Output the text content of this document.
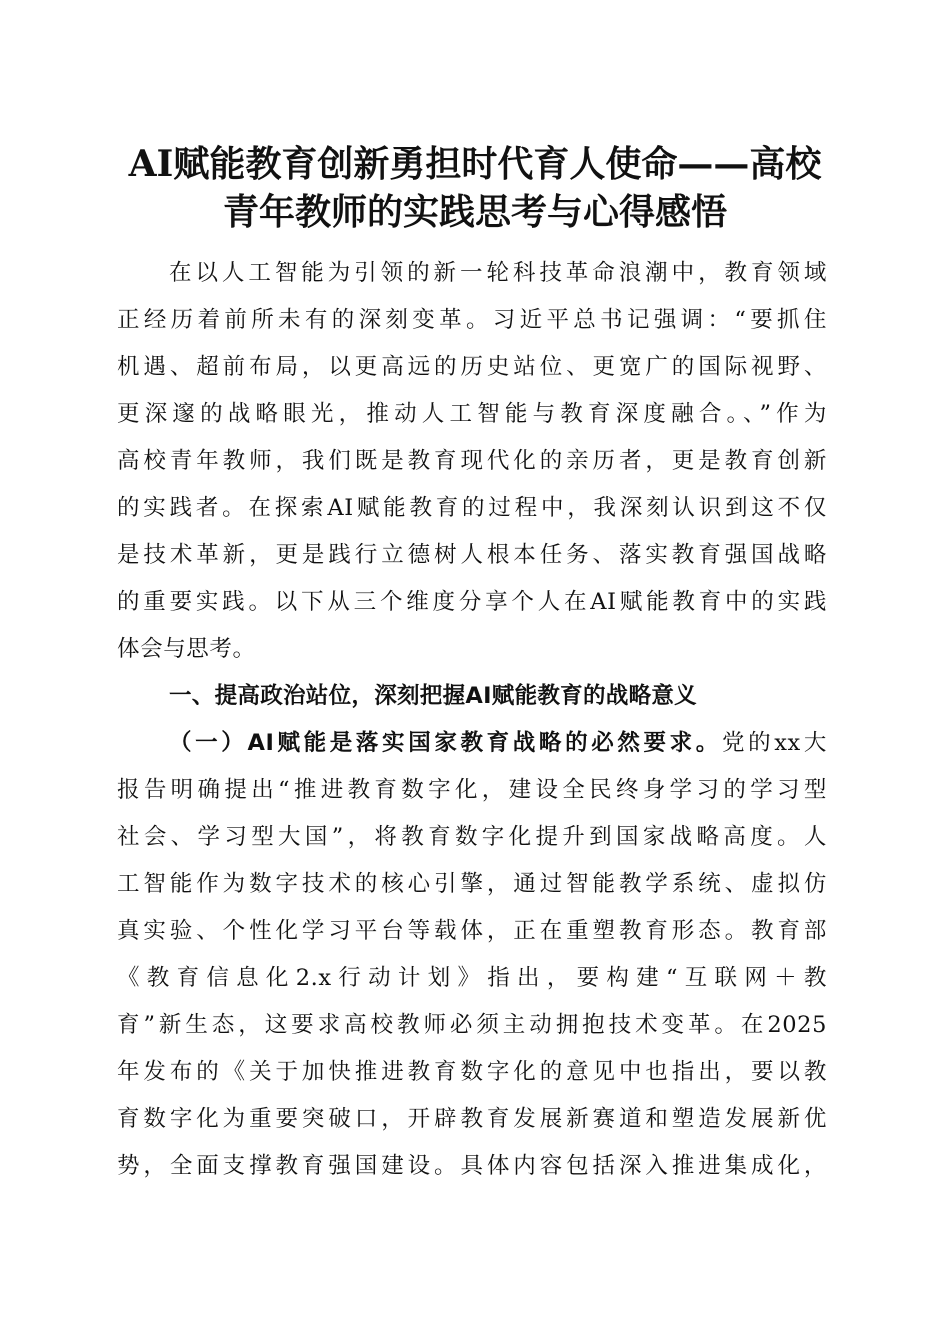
AI赋能教育创新勇担时代育人使命——高校
青年教师的实践思考与心得感悟
在以人工智能为引领的新一轮科技革命浪潮中，教育领域
正经历着前所未有的深刻变革。习近平总书记强调：“要抓住
机遇、超前布局，以更高远的历史站位、更宽广的国际视野、
更深邃的战略眼光，推动人工智能与教育深度融合。、”作为
高校青年教师，我们既是教育现代化的亲历者，更是教育创新
的实践者。在探索AI赋能教育的过程中，我深刻认识到这不仅
是技术革新，更是践行立德树人根本任务、落实教育强国战略
的重要实践。以下从三个维度分享个人在AI赋能教育中的实践
体会与思考。
一、提高政治站位，深刻把握AI赋能教育的战略意义
（一）AI赋能是落实国家教育战略的必然要求。党的xx大
报告明确提出“推进教育数字化，建设全民终身学习的学习型
社会、学习型大国”，将教育数字化提升到国家战略高度。人
工智能作为数字技术的核心引擎，通过智能教学系统、虚拟仿
真实验、个性化学习平台等载体，正在重塑教育形态。教育部
《教育信息化2.x行动计划》指出，要构建“互联网＋教
育”新生态，这要求高校教师必须主动拥抱技术变革。在2025
年发布的《关于加快推进教育数字化的意见中也指出，要以教
育数字化为重要突破口，开辟教育发展新赛道和塑造发展新优
势，全面支撑教育强国建设。具体内容包括深入推进集成化，
